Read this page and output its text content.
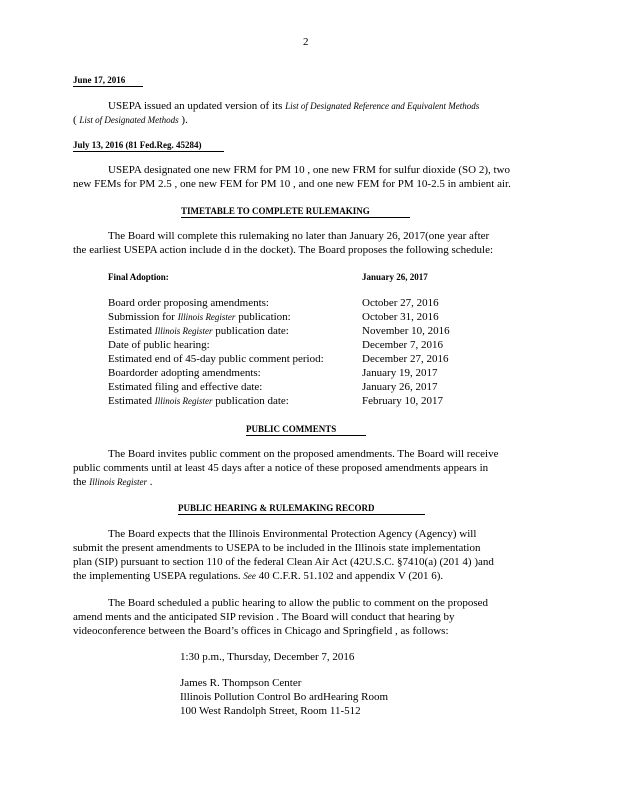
2
June 17, 2016
USEPA issued an updated version of its List of Designated Reference and Equivalent Methods
( List of Designated Methods ).
July 13, 2016 (81 Fed.Reg. 45284)
USEPA designated one new FRM for PM 10 , one new FRM for sulfur dioxide (SO 2), two
new FEMs for PM 2.5 , one new FEM for PM 10 , and one new FEM for PM 10-2.5 in ambient air.
TIMETABLE TO COMPLETE RULEMAKING
The Board will complete this rulemaking no later than January 26, 2017(one year after
the earliest USEPA action include d in the docket). The Board proposes the following schedule:
Final Adoption:	January 26, 2017
Board order proposing amendments:	October 27, 2016
Submission for Illinois Register publication:	October 31, 2016
Estimated Illinois Register publication date:	November 10, 2016
Date of public hearing:	December 7, 2016
Estimated end of 45-day public comment period:	December 27, 2016
Boardorder adopting amendments:	January 19, 2017
Estimated filing and effective date:	January 26, 2017
Estimated Illinois Register publication date:	February 10, 2017
PUBLIC COMMENTS
The Board invites public comment on the proposed amendments. The Board will receive
public comments until at least 45 days after a notice of these proposed amendments appears in
the Illinois Register .
PUBLIC HEARING & RULEMAKING RECORD
The Board expects that the Illinois Environmental Protection Agency (Agency) will
submit the present amendments to USEPA to be included in the Illinois state implementation
plan (SIP) pursuant to section 110 of the federal Clean Air Act (42U.S.C. §7410(a) (201 4) )and
the implementing USEPA regulations. See 40 C.F.R. 51.102 and appendix V (201 6).
The Board scheduled a public hearing to allow the public to comment on the proposed
amend ments and the anticipated SIP revision . The Board will conduct that hearing by
videoconference between the Board’s offices in Chicago and Springfield , as follows:
1:30 p.m., Thursday, December 7, 2016
James R. Thompson Center
Illinois Pollution Control Bo ardHearing Room
100 West Randolph Street, Room 11-512
